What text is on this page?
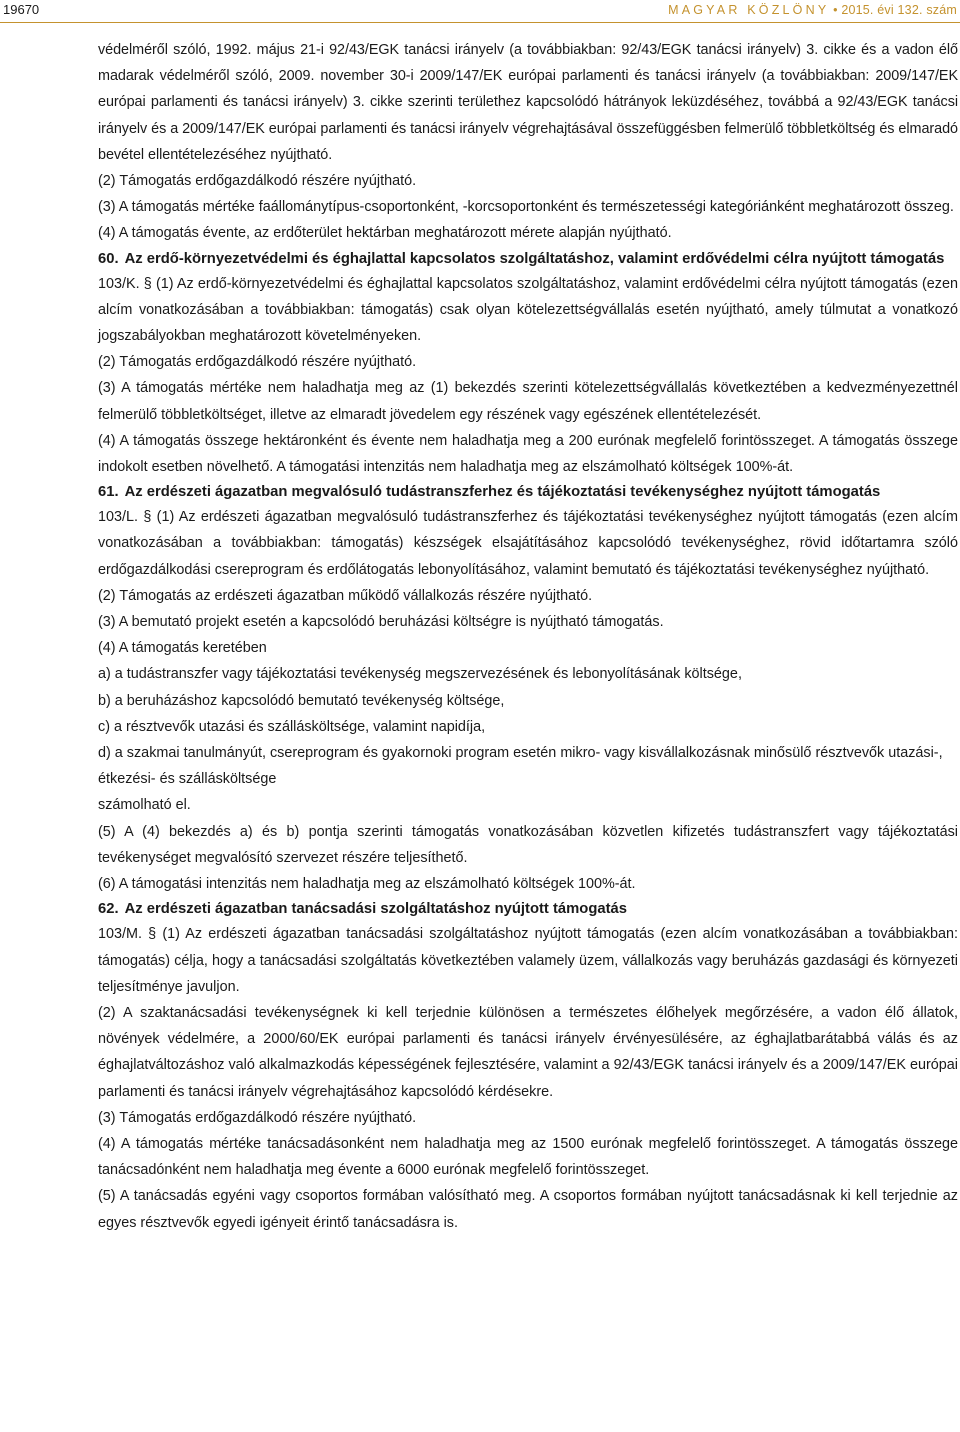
19670	MAGYAR KÖZLÖNY • 2015. évi 132. szám

védelméről szóló, 1992. május 21-i 92/43/EGK tanácsi irányelv (a továbbiakban: 92/43/EGK tanácsi irányelv) 3. cikke és a vadon élő madarak védelméről szóló, 2009. november 30-i 2009/147/EK európai parlamenti és tanácsi irányelv (a továbbiakban: 2009/147/EK európai parlamenti és tanácsi irányelv) 3. cikke szerinti területhez kapcsolódó hátrányok leküzdéséhez, továbbá a 92/43/EGK tanácsi irányelv és a 2009/147/EK európai parlamenti és tanácsi irányelv végrehajtásával összefüggésben felmerülő többletköltség és elmaradó bevétel ellentételezéséhez nyújtható.

(2) Támogatás erdőgazdálkodó részére nyújtható.

(3) A támogatás mértéke faállománytípus-csoportonként, -korcsoportonként és természetességi kategóriánként meghatározott összeg.

(4) A támogatás évente, az erdőterület hektárban meghatározott mérete alapján nyújtható.

60. Az erdő-környezetvédelmi és éghajlattal kapcsolatos szolgáltatáshoz, valamint erdővédelmi célra nyújtott támogatás

103/K. § (1) Az erdő-környezetvédelmi és éghajlattal kapcsolatos szolgáltatáshoz, valamint erdővédelmi célra nyújtott támogatás (ezen alcím vonatkozásában a továbbiakban: támogatás) csak olyan kötelezettségvállalás esetén nyújtható, amely túlmutat a vonatkozó jogszabályokban meghatározott követelményeken.

(2) Támogatás erdőgazdálkodó részére nyújtható.

(3) A támogatás mértéke nem haladhatja meg az (1) bekezdés szerinti kötelezettségvállalás következtében a kedvezményezettnél felmerülő többletköltséget, illetve az elmaradt jövedelem egy részének vagy egészének ellentételezését.

(4) A támogatás összege hektáronként és évente nem haladhatja meg a 200 eurónak megfelelő forintösszeget. A támogatás összege indokolt esetben növelhető. A támogatási intenzitás nem haladhatja meg az elszámolható költségek 100%-át.

61. Az erdészeti ágazatban megvalósuló tudástranszferhez és tájékoztatási tevékenységhez nyújtott támogatás

103/L. § (1) Az erdészeti ágazatban megvalósuló tudástranszferhez és tájékoztatási tevékenységhez nyújtott támogatás (ezen alcím vonatkozásában a továbbiakban: támogatás) készségek elsajátításához kapcsolódó tevékenységhez, rövid időtartamra szóló erdőgazdálkodási csereprogram és erdőlátogatás lebonyolításához, valamint bemutató és tájékoztatási tevékenységhez nyújtható.

(2) Támogatás az erdészeti ágazatban működő vállalkozás részére nyújtható.

(3) A bemutató projekt esetén a kapcsolódó beruházási költségre is nyújtható támogatás.

(4) A támogatás keretében

a) a tudástranszfer vagy tájékoztatási tevékenység megszervezésének és lebonyolításának költsége,

b) a beruházáshoz kapcsolódó bemutató tevékenység költsége,

c) a résztvevők utazási és szállásköltsége, valamint napidíja,

d) a szakmai tanulmányút, csereprogram és gyakornoki program esetén mikro- vagy kisvállalkozásnak minősülő résztvevők utazási-, étkezési- és szállásköltsége

számolható el.

(5) A (4) bekezdés a) és b) pontja szerinti támogatás vonatkozásában közvetlen kifizetés tudástranszfert vagy tájékoztatási tevékenységet megvalósító szervezet részére teljesíthető.

(6) A támogatási intenzitás nem haladhatja meg az elszámolható költségek 100%-át.

62. Az erdészeti ágazatban tanácsadási szolgáltatáshoz nyújtott támogatás

103/M. § (1) Az erdészeti ágazatban tanácsadási szolgáltatáshoz nyújtott támogatás (ezen alcím vonatkozásában a továbbiakban: támogatás) célja, hogy a tanácsadási szolgáltatás következtében valamely üzem, vállalkozás vagy beruházás gazdasági és környezeti teljesítménye javuljon.

(2) A szaktanácsadási tevékenységnek ki kell terjednie különösen a természetes élőhelyek megőrzésére, a vadon élő állatok, növények védelmére, a 2000/60/EK európai parlamenti és tanácsi irányelv érvényesülésére, az éghajlatbarátabbá válás és az éghajlatváltozáshoz való alkalmazkodás képességének fejlesztésére, valamint a 92/43/EGK tanácsi irányelv és a 2009/147/EK európai parlamenti és tanácsi irányelv végrehajtásához kapcsolódó kérdésekre.

(3) Támogatás erdőgazdálkodó részére nyújtható.

(4) A támogatás mértéke tanácsadásonként nem haladhatja meg az 1500 eurónak megfelelő forintösszeget. A támogatás összege tanácsadónként nem haladhatja meg évente a 6000 eurónak megfelelő forintösszeget.

(5) A tanácsadás egyéni vagy csoportos formában valósítható meg. A csoportos formában nyújtott tanácsadásnak ki kell terjednie az egyes résztvevők egyedi igényeit érintő tanácsadásra is.
